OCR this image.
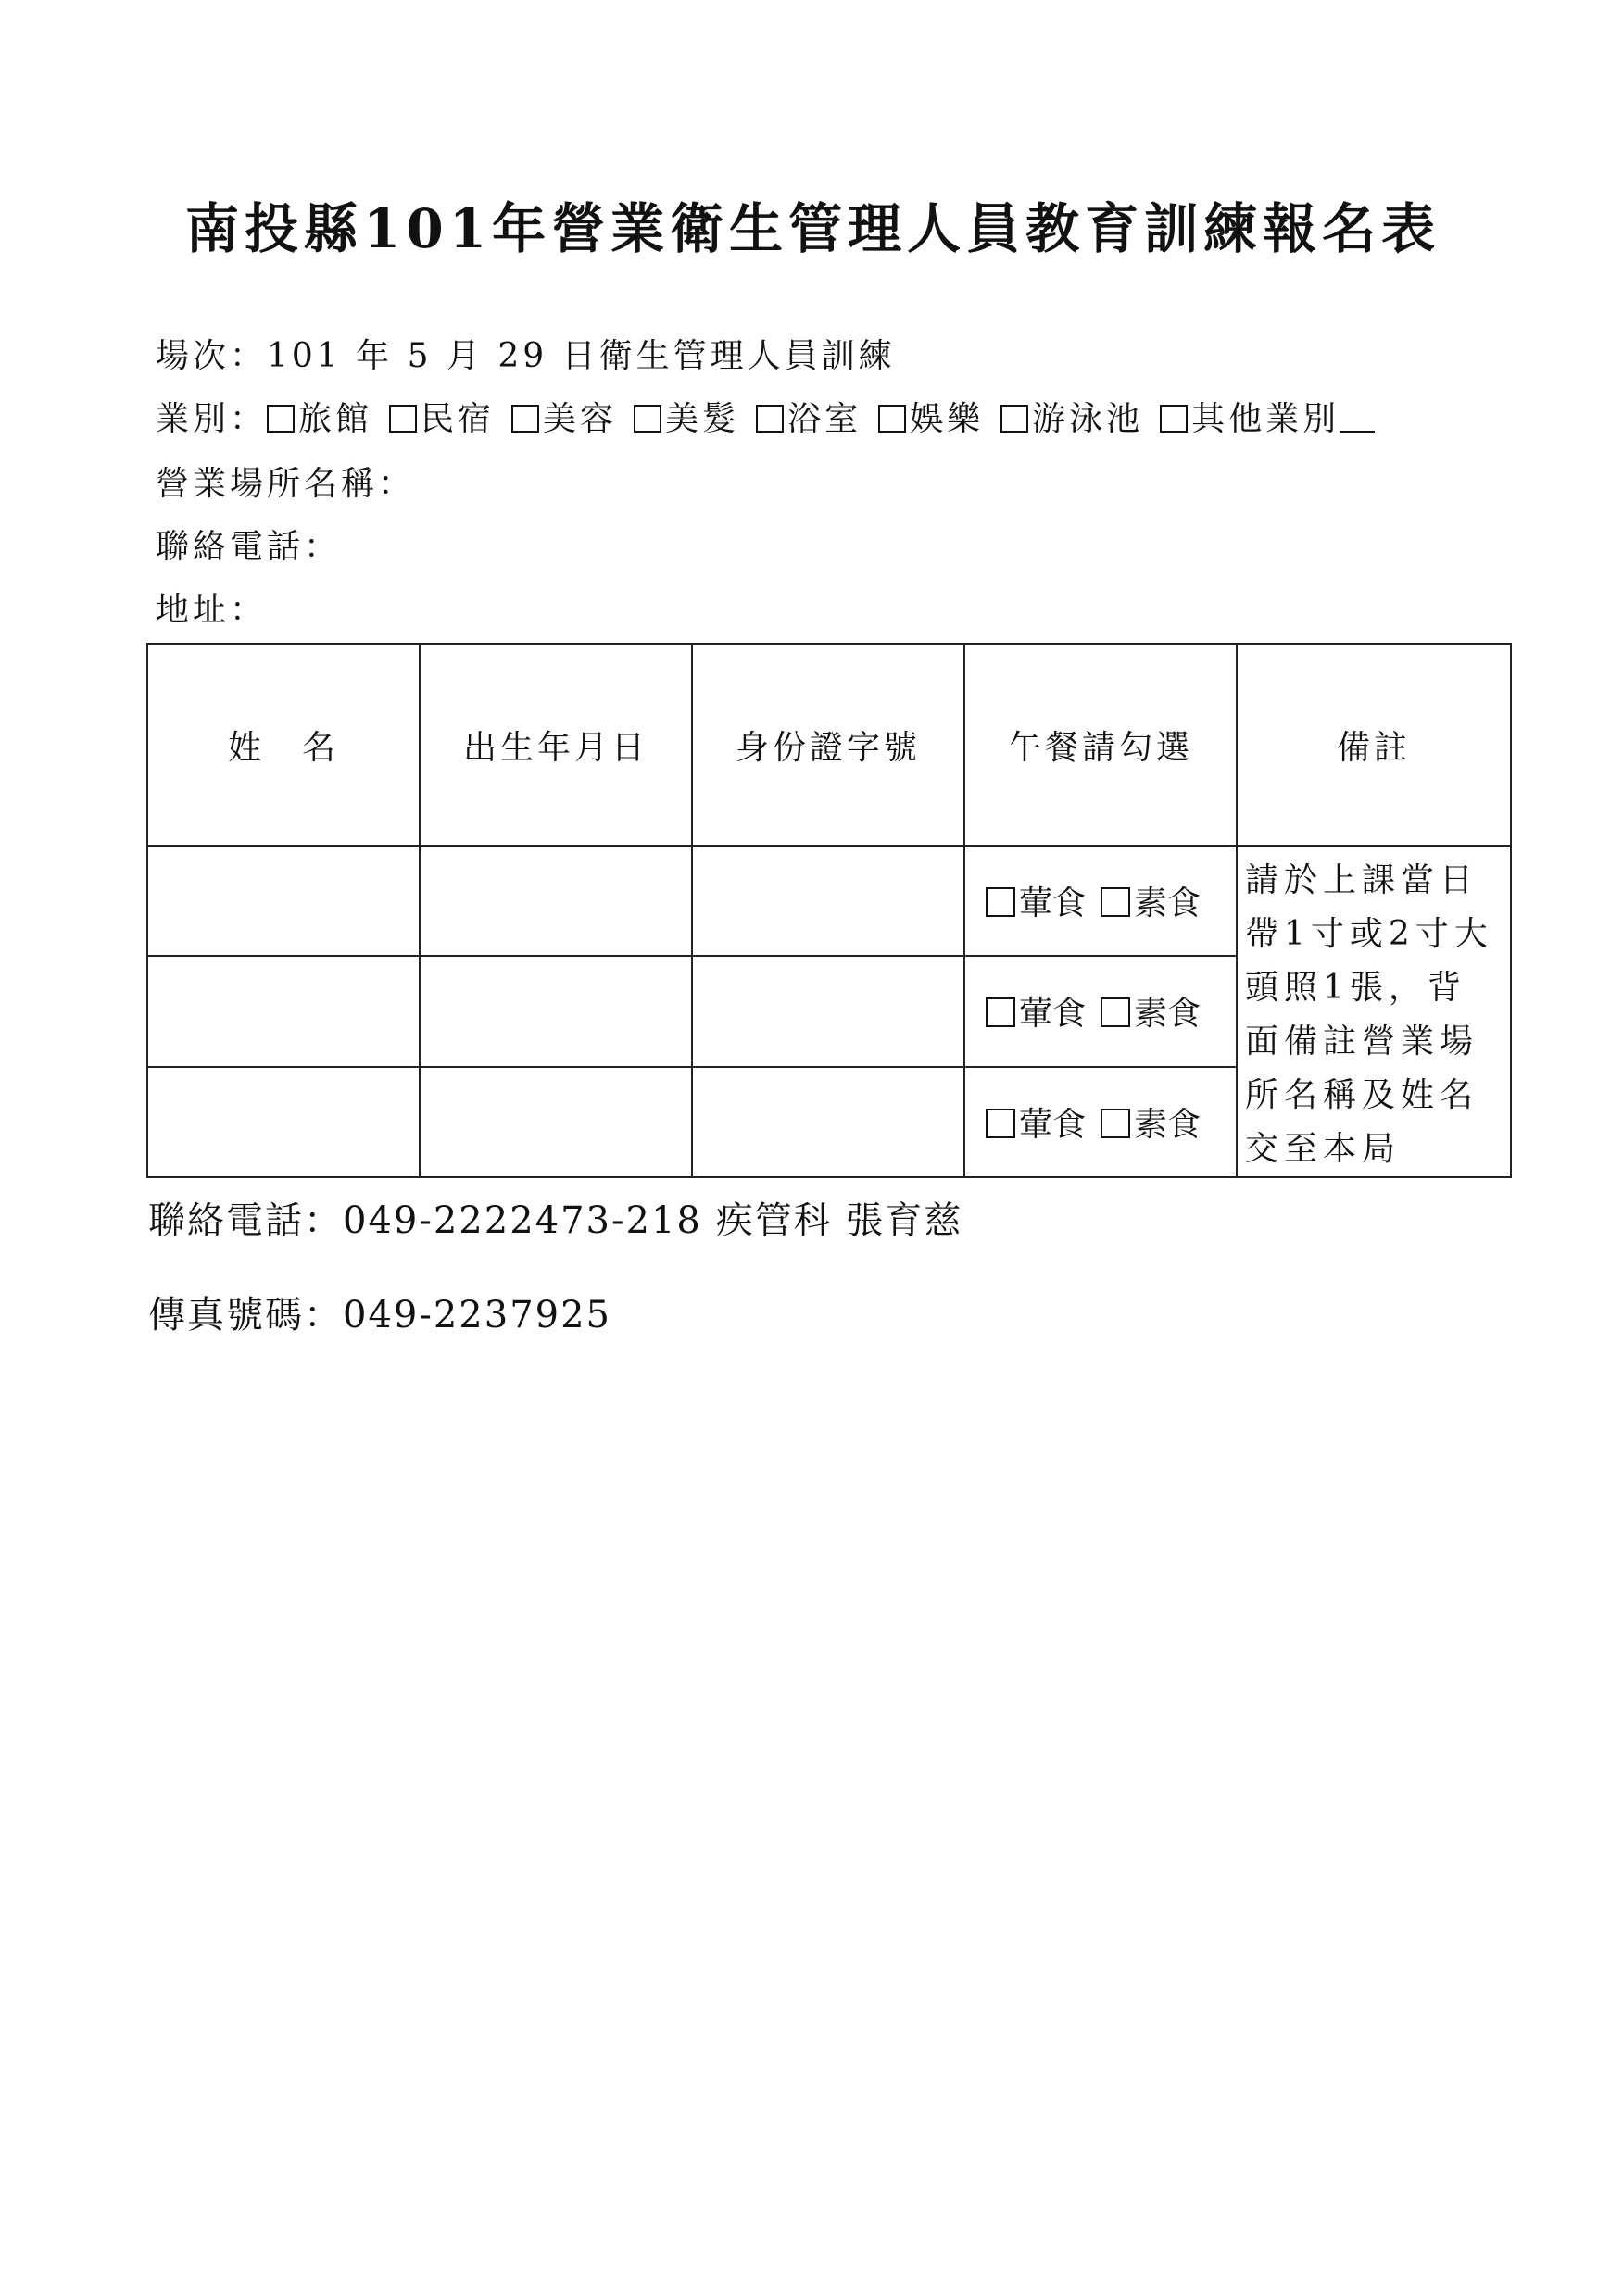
南投縣101年營業衛生管理人員教育訓練報名表
場次：101 年 5 月 29 日衛生管理人員訓練
業別： 旅館 民宿 美容 美髮 浴室 娛樂 游泳池 其他業別
營業場所名稱：
聯絡電話：
地址：
姓　名	出生年月日	身份證字號	午餐請勾選	備註
			葷食 素食	請於上課當日帶1寸或2寸大頭照1張，背面備註營業場所名稱及姓名交至本局
			葷食 素食	
			葷食 素食	
聯絡電話：049-2222473-218 疾管科 張育慈
傳真號碼：049-2237925
